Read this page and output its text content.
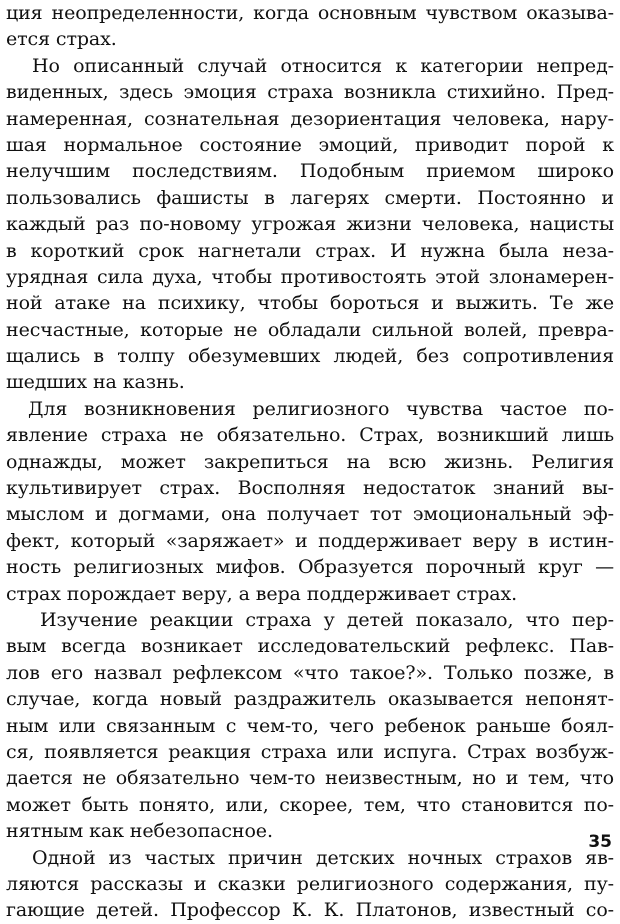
ция неопределенности, когда основным чувством оказыва-
ется страх.
Но описанный случай относится к категории непред-
виденных, здесь эмоция страха возникла стихийно. Пред-
намеренная, сознательная дезориентация человека, нару-
шая нормальное состояние эмоций, приводит порой к
нелучшим последствиям. Подобным приемом широко
пользовались фашисты в лагерях смерти. Постоянно и
каждый раз по-новому угрожая жизни человека, нацисты
в короткий срок нагнетали страх. И нужна была неза-
урядная сила духа, чтобы противостоять этой злонамерен-
ной атаке на психику, чтобы бороться и выжить. Те же
несчастные, которые не обладали сильной волей, превра-
щались в толпу обезумевших людей, без сопротивления
шедших на казнь.
Для возникновения религиозного чувства частое по-
явление страха не обязательно. Страх, возникший лишь
однажды, может закрепиться на всю жизнь. Религия
культивирует страх. Восполняя недостаток знаний вы-
мыслом и догмами, она получает тот эмоциональный эф-
фект, который «заряжает» и поддерживает веру в истин-
ность религиозных мифов. Образуется порочный круг —
страх порождает веру, а вера поддерживает страх.
Изучение реакции страха у детей показало, что пер-
вым всегда возникает исследовательский рефлекс. Пав-
лов его назвал рефлексом «что такое?». Только позже, в
случае, когда новый раздражитель оказывается непонят-
ным или связанным с чем-то, чего ребенок раньше боял-
ся, появляется реакция страха или испуга. Страх возбуж-
дается не обязательно чем-то неизвестным, но и тем, что
может быть понято, или, скорее, тем, что становится по-
нятным как небезопасное.
Одной из частых причин детских ночных страхов яв-
ляются рассказы и сказки религиозного содержания, пу-
гающие детей. Профессор К. К. Платонов, известный со-
35
